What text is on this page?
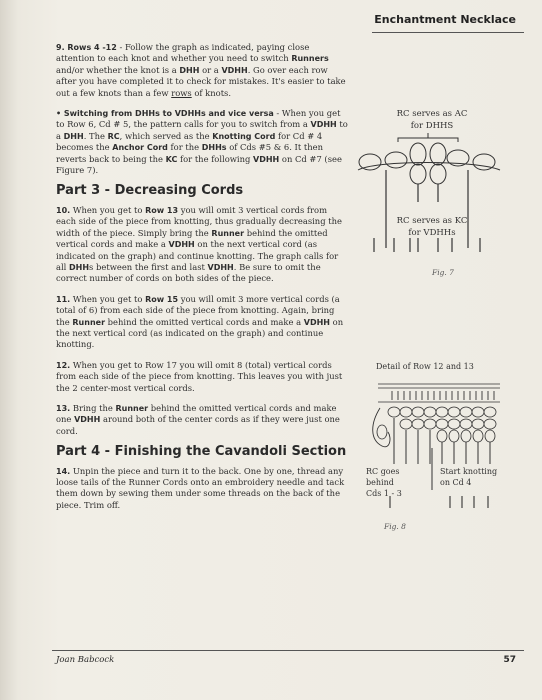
Enchantment Necklace

9. Rows 4 -12 - Follow the graph as indicated, paying close attention to each knot and whether you need to switch Runners and/or whether the knot is a DHH or a VDHH. Go over each row after you have completed it to check for mistakes. It's easier to take out a few knots than a few rows of knots.

• Switching from DHHs to VDHHs and vice versa - When you get to Row 6, Cd # 5, the pattern calls for you to switch from a VDHH to a DHH. The RC, which served as the Knotting Cord for Cd # 4 becomes the Anchor Cord for the DHHs of Cds #5 & 6. It then reverts back to being the KC for the following VDHH on Cd #7 (see Figure 7).

Part 3 - Decreasing Cords

10. When you get to Row 13 you will omit 3 vertical cords from each side of the piece from knotting, thus gradually decreasing the width of the piece. Simply bring the Runner behind the omitted vertical cords and make a VDHH on the next vertical cord (as indicated on the graph) and continue knotting. The graph calls for all DHHs between the first and last VDHH. Be sure to omit the correct number of cords on both sides of the piece.

11. When you get to Row 15 you will omit 3 more vertical cords (a total of 6) from each side of the piece from knotting. Again, bring the Runner behind the omitted vertical cords and make a VDHH on the next vertical cord (as indicated on the graph) and continue knotting.

12. When you get to Row 17 you will omit 8 (total) vertical cords from each side of the piece from knotting. This leaves you with just the 2 center-most vertical cords.

13. Bring the Runner behind the omitted vertical cords and make one VDHH around both of the center cords as if they were just one cord.

Part 4 - Finishing the Cavandoli Section

14. Unpin the piece and turn it to the back. One by one, thread any loose tails of the Runner Cords onto an embroidery needle and tack them down by sewing them under some threads on the back of the piece. Trim off.

RC serves as AC
for DHHS
RC serves as KC
for VDHHs
Fig. 7
Detail of Row 12 and 13
RC goes
behind
Cds 1 - 3
Start knotting
on Cd 4
Fig. 8
Joan Babcock	57
